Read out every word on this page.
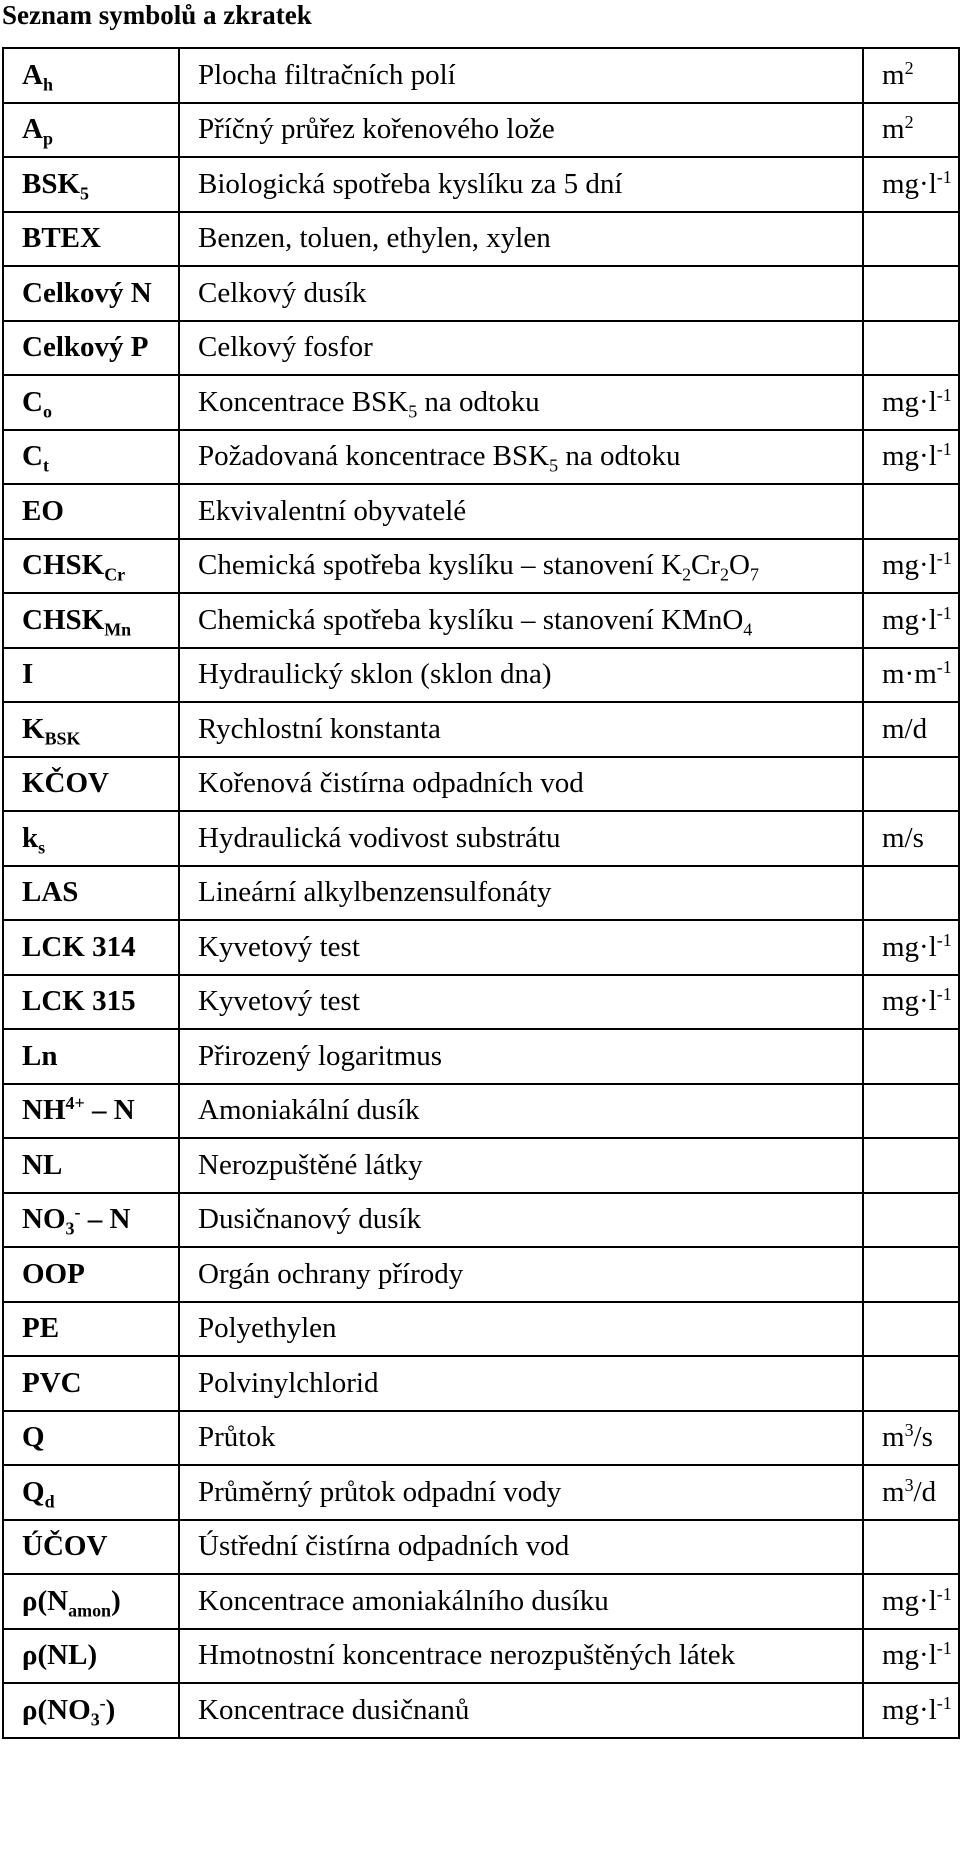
Seznam symbolů a zkratek
$A_h$	Plocha filtračních polí	$m^2$
$A_p$	Příčný průřez kořenového lože	$m^2$
$BSK_5$	Biologická spotřeba kyslíku za 5 dní	$mg\cdot l^{-1}$
BTEX	Benzen, toluen, ethylen, xylen	
Celkový N	Celkový dusík	
Celkový P	Celkový fosfor	
$C_o$	Koncentrace $BSK_5$ na odtoku	$mg\cdot l^{-1}$
$C_t$	Požadovaná koncentrace $BSK_5$ na odtoku	$mg\cdot l^{-1}$
EO	Ekvivalentní obyvatelé	
$CHSK_{Cr}$	Chemická spotřeba kyslíku – stanovení $K_2Cr_2O_7$	$mg\cdot l^{-1}$
$CHSK_{Mn}$	Chemická spotřeba kyslíku – stanovení KMnO$_4$	$mg\cdot l^{-1}$
I	Hydraulický sklon (sklon dna)	$m\cdot m^{-1}$
$K_{BSK}$	Rychlostní konstanta	m/d
KČOV	Kořenová čistírna odpadních vod	
$k_s$	Hydraulická vodivost substrátu	m/s
LAS	Lineární alkylbenzensulfonáty	
LCK 314	Kyvetový test	$mg\cdot l^{-1}$
LCK 315	Kyvetový test	$mg\cdot l^{-1}$
Ln	Přirozený logaritmus	
$NH^{4+}$ – N	Amoniakální dusík	
NL	Nerozpuštěné látky	
$NO_3^-$ – N	Dusičnanový dusík	
OOP	Orgán ochrany přírody	
PE	Polyethylen	
PVC	Polvinylchlorid	
Q	Průtok	$m^3/s$
$Q_d$	Průměrný průtok odpadní vody	$m^3/d$
ÚČOV	Ústřední čistírna odpadních vod	
$\rho(N_{amon})$	Koncentrace amoniakálního dusíku	$mg\cdot l^{-1}$
ρ(NL)	Hmotnostní koncentrace nerozpuštěných látek	$mg\cdot l^{-1}$
$\rho(NO_3^-)$	Koncentrace dusičnanů	$mg\cdot l^{-1}$
